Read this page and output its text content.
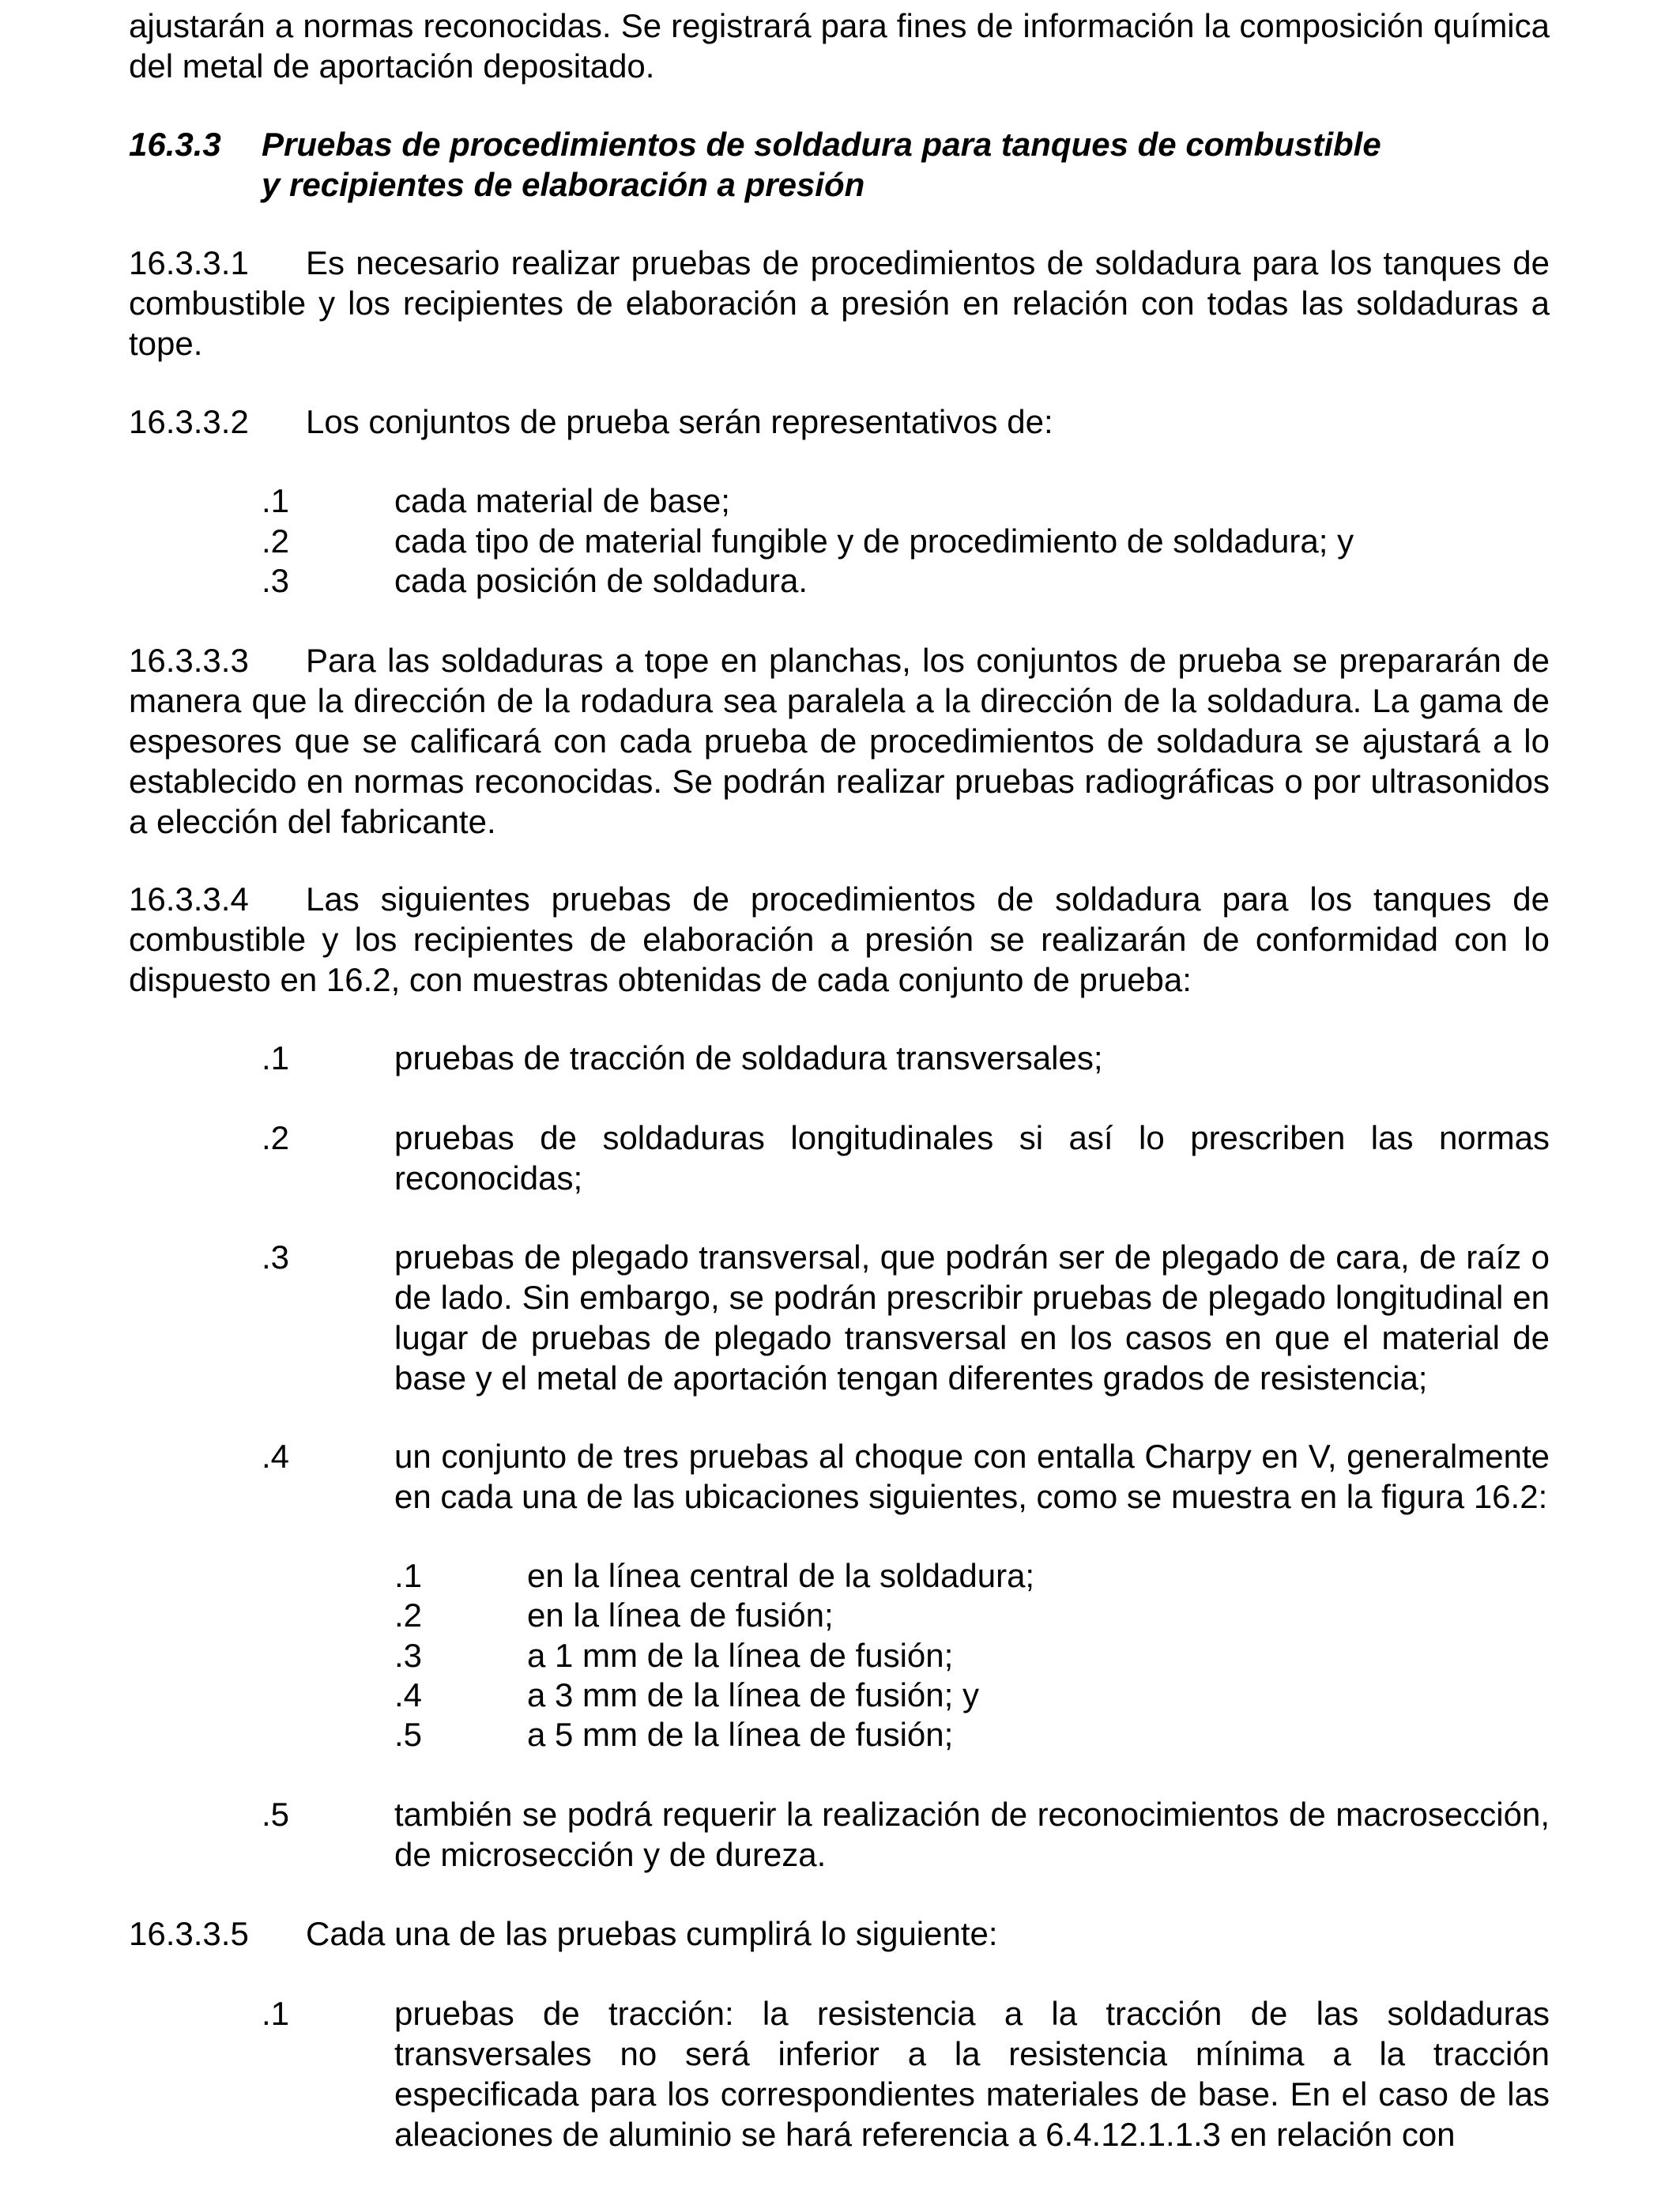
ajustarán a normas reconocidas. Se registrará para fines de información la composición química del metal de aportación depositado.

16.3.3 Pruebas de procedimientos de soldadura para tanques de combustible
y recipientes de elaboración a presión

16.3.3.1 Es necesario realizar pruebas de procedimientos de soldadura para los tanques de combustible y los recipientes de elaboración a presión en relación con todas las soldaduras a tope.

16.3.3.2 Los conjuntos de prueba serán representativos de:

.1	cada material de base;
.2	cada tipo de material fungible y de procedimiento de soldadura; y
.3	cada posición de soldadura.

16.3.3.3 Para las soldaduras a tope en planchas, los conjuntos de prueba se prepararán de manera que la dirección de la rodadura sea paralela a la dirección de la soldadura. La gama de espesores que se calificará con cada prueba de procedimientos de soldadura se ajustará a lo establecido en normas reconocidas. Se podrán realizar pruebas radiográficas o por ultrasonidos a elección del fabricante.

16.3.3.4 Las siguientes pruebas de procedimientos de soldadura para los tanques de combustible y los recipientes de elaboración a presión se realizarán de conformidad con lo dispuesto en 16.2, con muestras obtenidas de cada conjunto de prueba:

.1	pruebas de tracción de soldadura transversales;
.2	pruebas de soldaduras longitudinales si así lo prescriben las normas reconocidas;
.3	pruebas de plegado transversal, que podrán ser de plegado de cara, de raíz o de lado. Sin embargo, se podrán prescribir pruebas de plegado longitudinal en lugar de pruebas de plegado transversal en los casos en que el material de base y el metal de aportación tengan diferentes grados de resistencia;
.4	un conjunto de tres pruebas al choque con entalla Charpy en V, generalmente en cada una de las ubicaciones siguientes, como se muestra en la figura 16.2:
.1	en la línea central de la soldadura;
.2	en la línea de fusión;
.3	a 1 mm de la línea de fusión;
.4	a 3 mm de la línea de fusión; y
.5	a 5 mm de la línea de fusión;
.5	también se podrá requerir la realización de reconocimientos de macrosección, de microsección y de dureza.

16.3.3.5 Cada una de las pruebas cumplirá lo siguiente:

.1	pruebas de tracción: la resistencia a la tracción de las soldaduras transversales no será inferior a la resistencia mínima a la tracción especificada para los correspondientes materiales de base. En el caso de las aleaciones de aluminio se hará referencia a 6.4.12.1.1.3 en relación con
